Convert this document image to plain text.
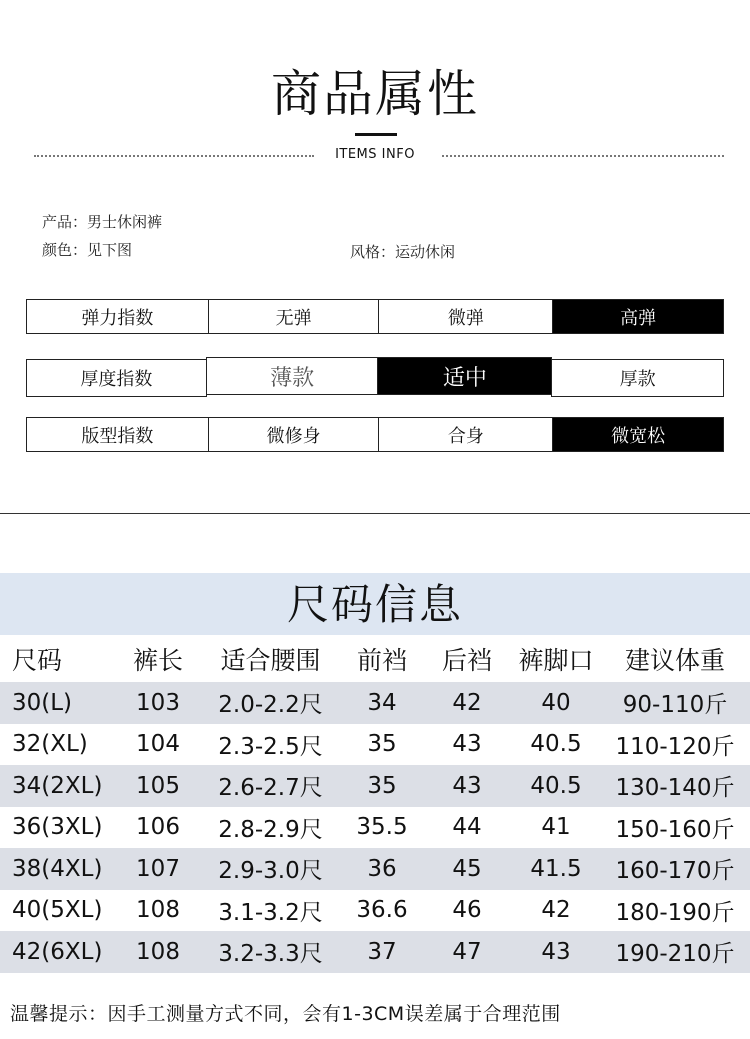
商品属性
ITEMS INFO
产品：男士休闲裤
颜色：见下图	风格：运动休闲
弹力指数	无弹	微弹	高弹
厚度指数	薄款	适中	厚款
版型指数	微修身	合身	微宽松
尺码信息
尺码	裤长	适合腰围	前裆	后裆	裤脚口	建议体重
30(L)	103	2.0-2.2尺	34	42	40	90-110斤
32(XL)	104	2.3-2.5尺	35	43	40.5	110-120斤
34(2XL)	105	2.6-2.7尺	35	43	40.5	130-140斤
36(3XL)	106	2.8-2.9尺	35.5	44	41	150-160斤
38(4XL)	107	2.9-3.0尺	36	45	41.5	160-170斤
40(5XL)	108	3.1-3.2尺	36.6	46	42	180-190斤
42(6XL)	108	3.2-3.3尺	37	47	43	190-210斤
温馨提示：因手工测量方式不同，会有1-3CM误差属于合理范围
